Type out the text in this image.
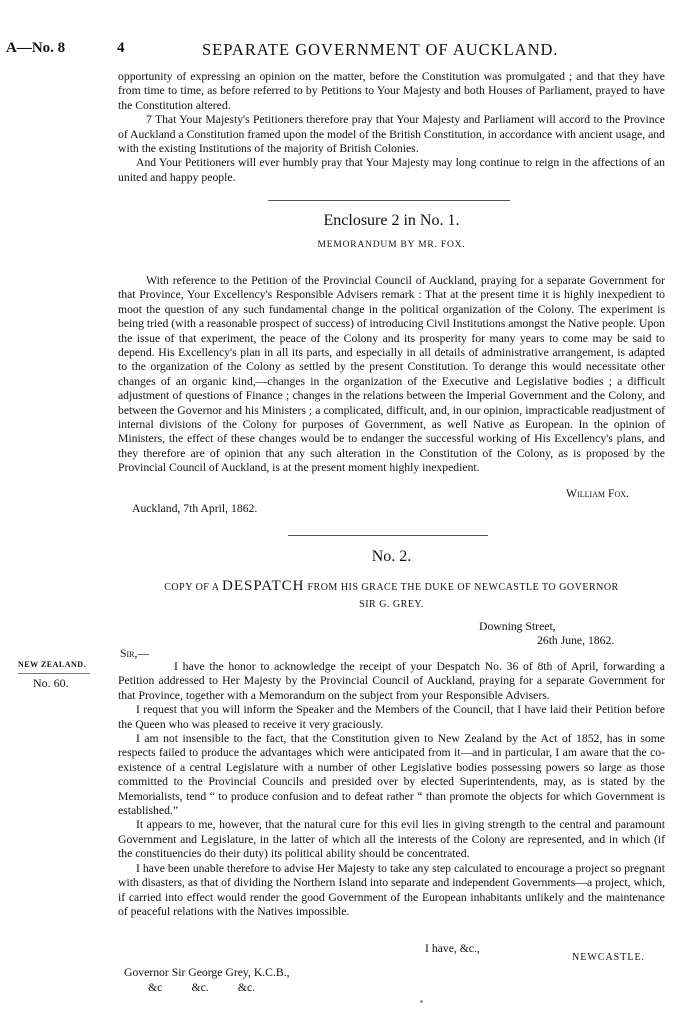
A—No. 8	4	SEPARATE GOVERNMENT OF AUCKLAND.

opportunity of expressing an opinion on the matter, before the Constitution was promulgated ; and that they have from time to time, as before referred to by Petitions to Your Majesty and both Houses of Parliament, prayed to have the Constitution altered.

7 That Your Majesty's Petitioners therefore pray that Your Majesty and Parliament will accord to the Province of Auckland a Constitution framed upon the model of the British Constitution, in accordance with ancient usage, and with the existing Institutions of the majority of British Colonies.

And Your Petitioners will ever humbly pray that Your Majesty may long continue to reign in the affections of an united and happy people.

Enclosure 2 in No. 1.
MEMORANDUM BY MR. FOX.

With reference to the Petition of the Provincial Council of Auckland, praying for a separate Government for that Province, Your Excellency's Responsible Advisers remark : That at the present time it is highly inexpedient to moot the question of any such fundamental change in the political organization of the Colony. The experiment is being tried (with a reasonable prospect of success) of introducing Civil Institutions amongst the Native people. Upon the issue of that experiment, the peace of the Colony and its prosperity for many years to come may be said to depend. His Excellency's plan in all its parts, and especially in all details of administrative arrangement, is adapted to the organization of the Colony as settled by the present Constitution. To derange this would necessitate other changes of an organic kind,—changes in the organization of the Executive and Legislative bodies ; a difficult adjustment of questions of Finance ; changes in the relations between the Imperial Government and the Colony, and between the Governor and his Ministers ; a complicated, difficult, and, in our opinion, impracticable readjustment of internal divisions of the Colony for purposes of Government, as well Native as European. In the opinion of Ministers, the effect of these changes would be to endanger the successful working of His Excellency's plans, and they therefore are of opinion that any such alteration in the Constitution of the Colony, as is proposed by the Provincial Council of Auckland, is at the present moment highly inexpedient.

William Fox.
Auckland, 7th April, 1862.
No. 2.
COPY OF A DESPATCH FROM HIS GRACE THE DUKE OF NEWCASTLE TO GOVERNOR
SIR G. GREY.
Downing Street,
26th June, 1862.
Sir,—
NEW ZEALAND.
No. 60.

I have the honor to acknowledge the receipt of your Despatch No. 36 of 8th of April, forwarding a Petition addressed to Her Majesty by the Provincial Council of Auckland, praying for a separate Government for that Province, together with a Memorandum on the subject from your Responsible Advisers.

I request that you will inform the Speaker and the Members of the Council, that I have laid their Petition before the Queen who was pleased to receive it very graciously.

I am not insensible to the fact, that the Constitution given to New Zealand by the Act of 1852, has in some respects failed to produce the advantages which were anticipated from it—and in particular, I am aware that the co-existence of a central Legislature with a number of other Legislative bodies possessing powers so large as those committed to the Provincial Councils and presided over by elected Superintendents, may, as is stated by the Memorialists, tend “ to produce confusion and to defeat rather “ than promote the objects for which Government is established.”

It appears to me, however, that the natural cure for this evil lies in giving strength to the central and paramount Government and Legislature, in the latter of which all the interests of the Colony are represented, and in which (if the constituencies do their duty) its political ability should be concentrated.

I have been unable therefore to advise Her Majesty to take any step calculated to encourage a project so pregnant with disasters, as that of dividing the Northern Island into separate and independent Governments—a project, which, if carried into effect would render the good Government of the European inhabitants unlikely and the maintenance of peaceful relations with the Natives impossible.

I have, &c.,
NEWCASTLE.
Governor Sir George Grey, K.C.B.,
&c          &c.          &c.
